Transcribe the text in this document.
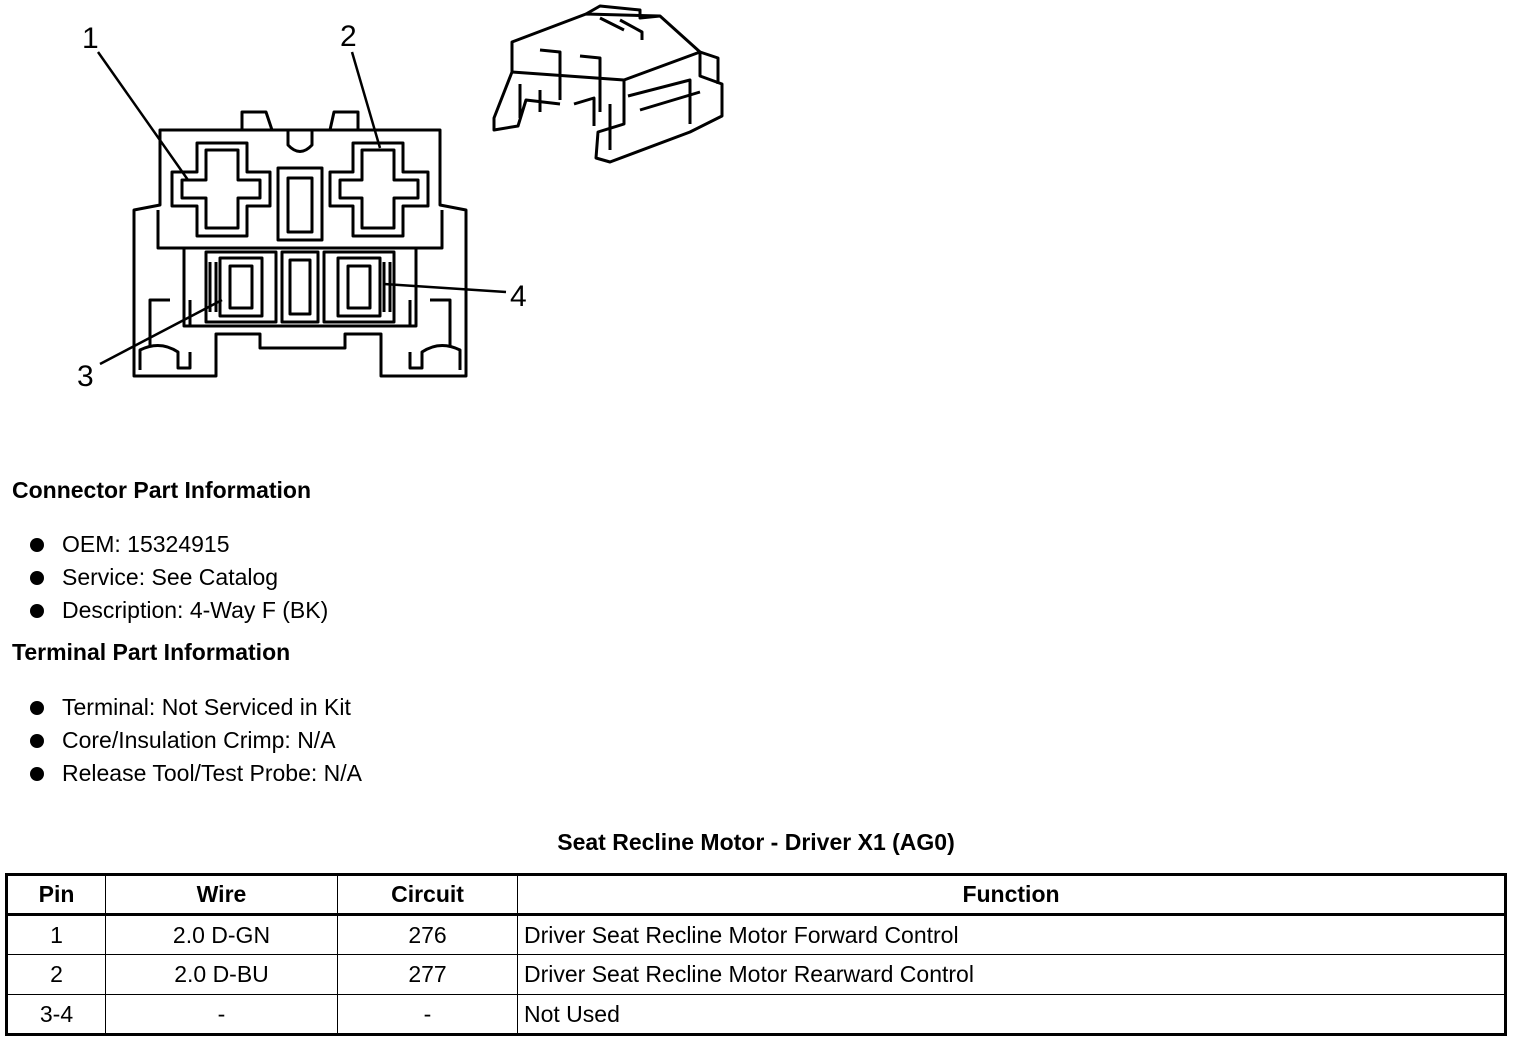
1	2
3
4
Connector Part Information
OEM: 15324915
Service: See Catalog
Description: 4-Way F (BK)
Terminal Part Information
Terminal: Not Serviced in Kit
Core/Insulation Crimp: N/A
Release Tool/Test Probe: N/A
Seat Recline Motor - Driver X1 (AG0)
Pin	Wire	Circuit	Function
1	2.0 D-GN	276	Driver Seat Recline Motor Forward Control
2	2.0 D-BU	277	Driver Seat Recline Motor Rearward Control
3-4	-	-	Not Used
